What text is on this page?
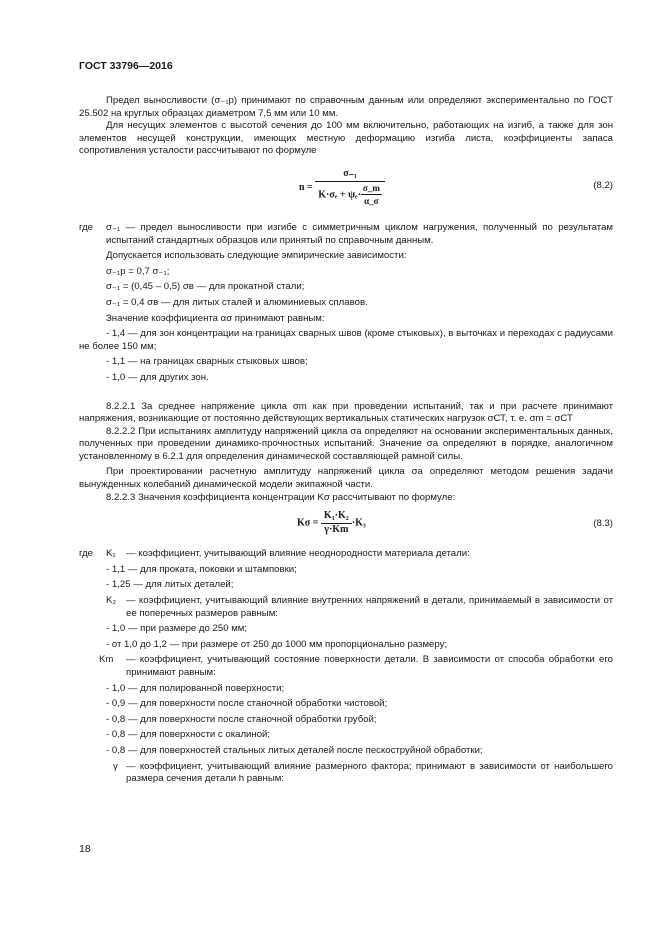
ГОСТ 33796—2016

Предел выносливости (σ₋₁р) принимают по справочным данным или определяют экспериментально по ГОСТ 25.502 на круглых образцах диаметром 7,5 мм или 10 мм.

Для несущих элементов с высотой сечения до 100 мм включительно, работающих на изгиб, а также для зон элементов несущей конструкции, имеющих местную деформацию изгиба листа, коэффициенты запаса сопротивления усталости рассчитывают по формуле

$n = \frac{\text{σ₋₁}}{K\cdot\sigma_e + \psi_e\cdot \frac{\sigma\_m}{\alpha\_\sigma}}$	(8.2)
где σ₋₁ — предел выносливости при изгибе с симметричным циклом нагружения, полученный по результатам испытаний стандартных образцов или принятый по справочным данным.

Допускается использовать следующие эмпирические зависимости:

σ₋₁р = 0,7 σ₋₁;

σ₋₁ = (0,45 – 0,5) σв — для прокатной стали;

σ₋₁ = 0,4 σв — для литых сталей и алюминиевых сплавов.

Значение коэффициента ασ принимают равным:

- 1,4 — для зон концентрации на границах сварных швов (кроме стыковых), в выточках и переходах с радиусами не более 150 мм;

- 1,1 — на границах сварных стыковых швов;

- 1,0 — для других зон.

8.2.2.1 За среднее напряжение цикла σm как при проведении испытаний, так и при расчете принимают напряжения, возникающие от постоянно действующих вертикальных статических нагрузок σСТ, т. е. σm = σСТ

8.2.2.2 При испытаниях амплитуду напряжений цикла σа определяют на основании экспериментальных данных, полученных при проведении динамико-прочностных испытаний. Значение σа определяют в порядке, аналогичном установленному в 6.2.1 для определения динамической составляющей рамной силы.

При проектировании расчетную амплитуду напряжений цикла σа определяют методом решения задачи вынужденных колебаний динамической модели экипажной части.

8.2.2.3 Значения коэффициента концентрации Kσ рассчитывают по формуле:

$K\sigma = \frac{\text{K₁·K₂}}{\gamma\cdot Km} \cdot K_3$	(8.3)
где K₁ — коэффициент, учитывающий влияние неоднородности материала детали:

- 1,1 — для проката, поковки и штамповки;

- 1,25 — для литых деталей;

K₂ — коэффициент, учитывающий влияние внутренних напряжений в детали, принимаемый в зависимости от ее поперечных размеров равным:

- 1,0 — при размере до 250 мм;

- от 1,0 до 1,2 — при размере от 250 до 1000 мм пропорционально размеру;

Km — коэффициент, учитывающий состояние поверхности детали. В зависимости от способа обработки его принимают равным:

- 1,0 — для полированной поверхности;

- 0,9 — для поверхности после станочной обработки чистовой;

- 0,8 — для поверхности после станочной обработки грубой;

- 0,8 — для поверхности с окалиной;

- 0,8 — для поверхностей стальных литых деталей после пескоструйной обработки;

γ — коэффициент, учитывающий влияние размерного фактора; принимают в зависимости от наибольшего размера сечения детали h равным:
18
